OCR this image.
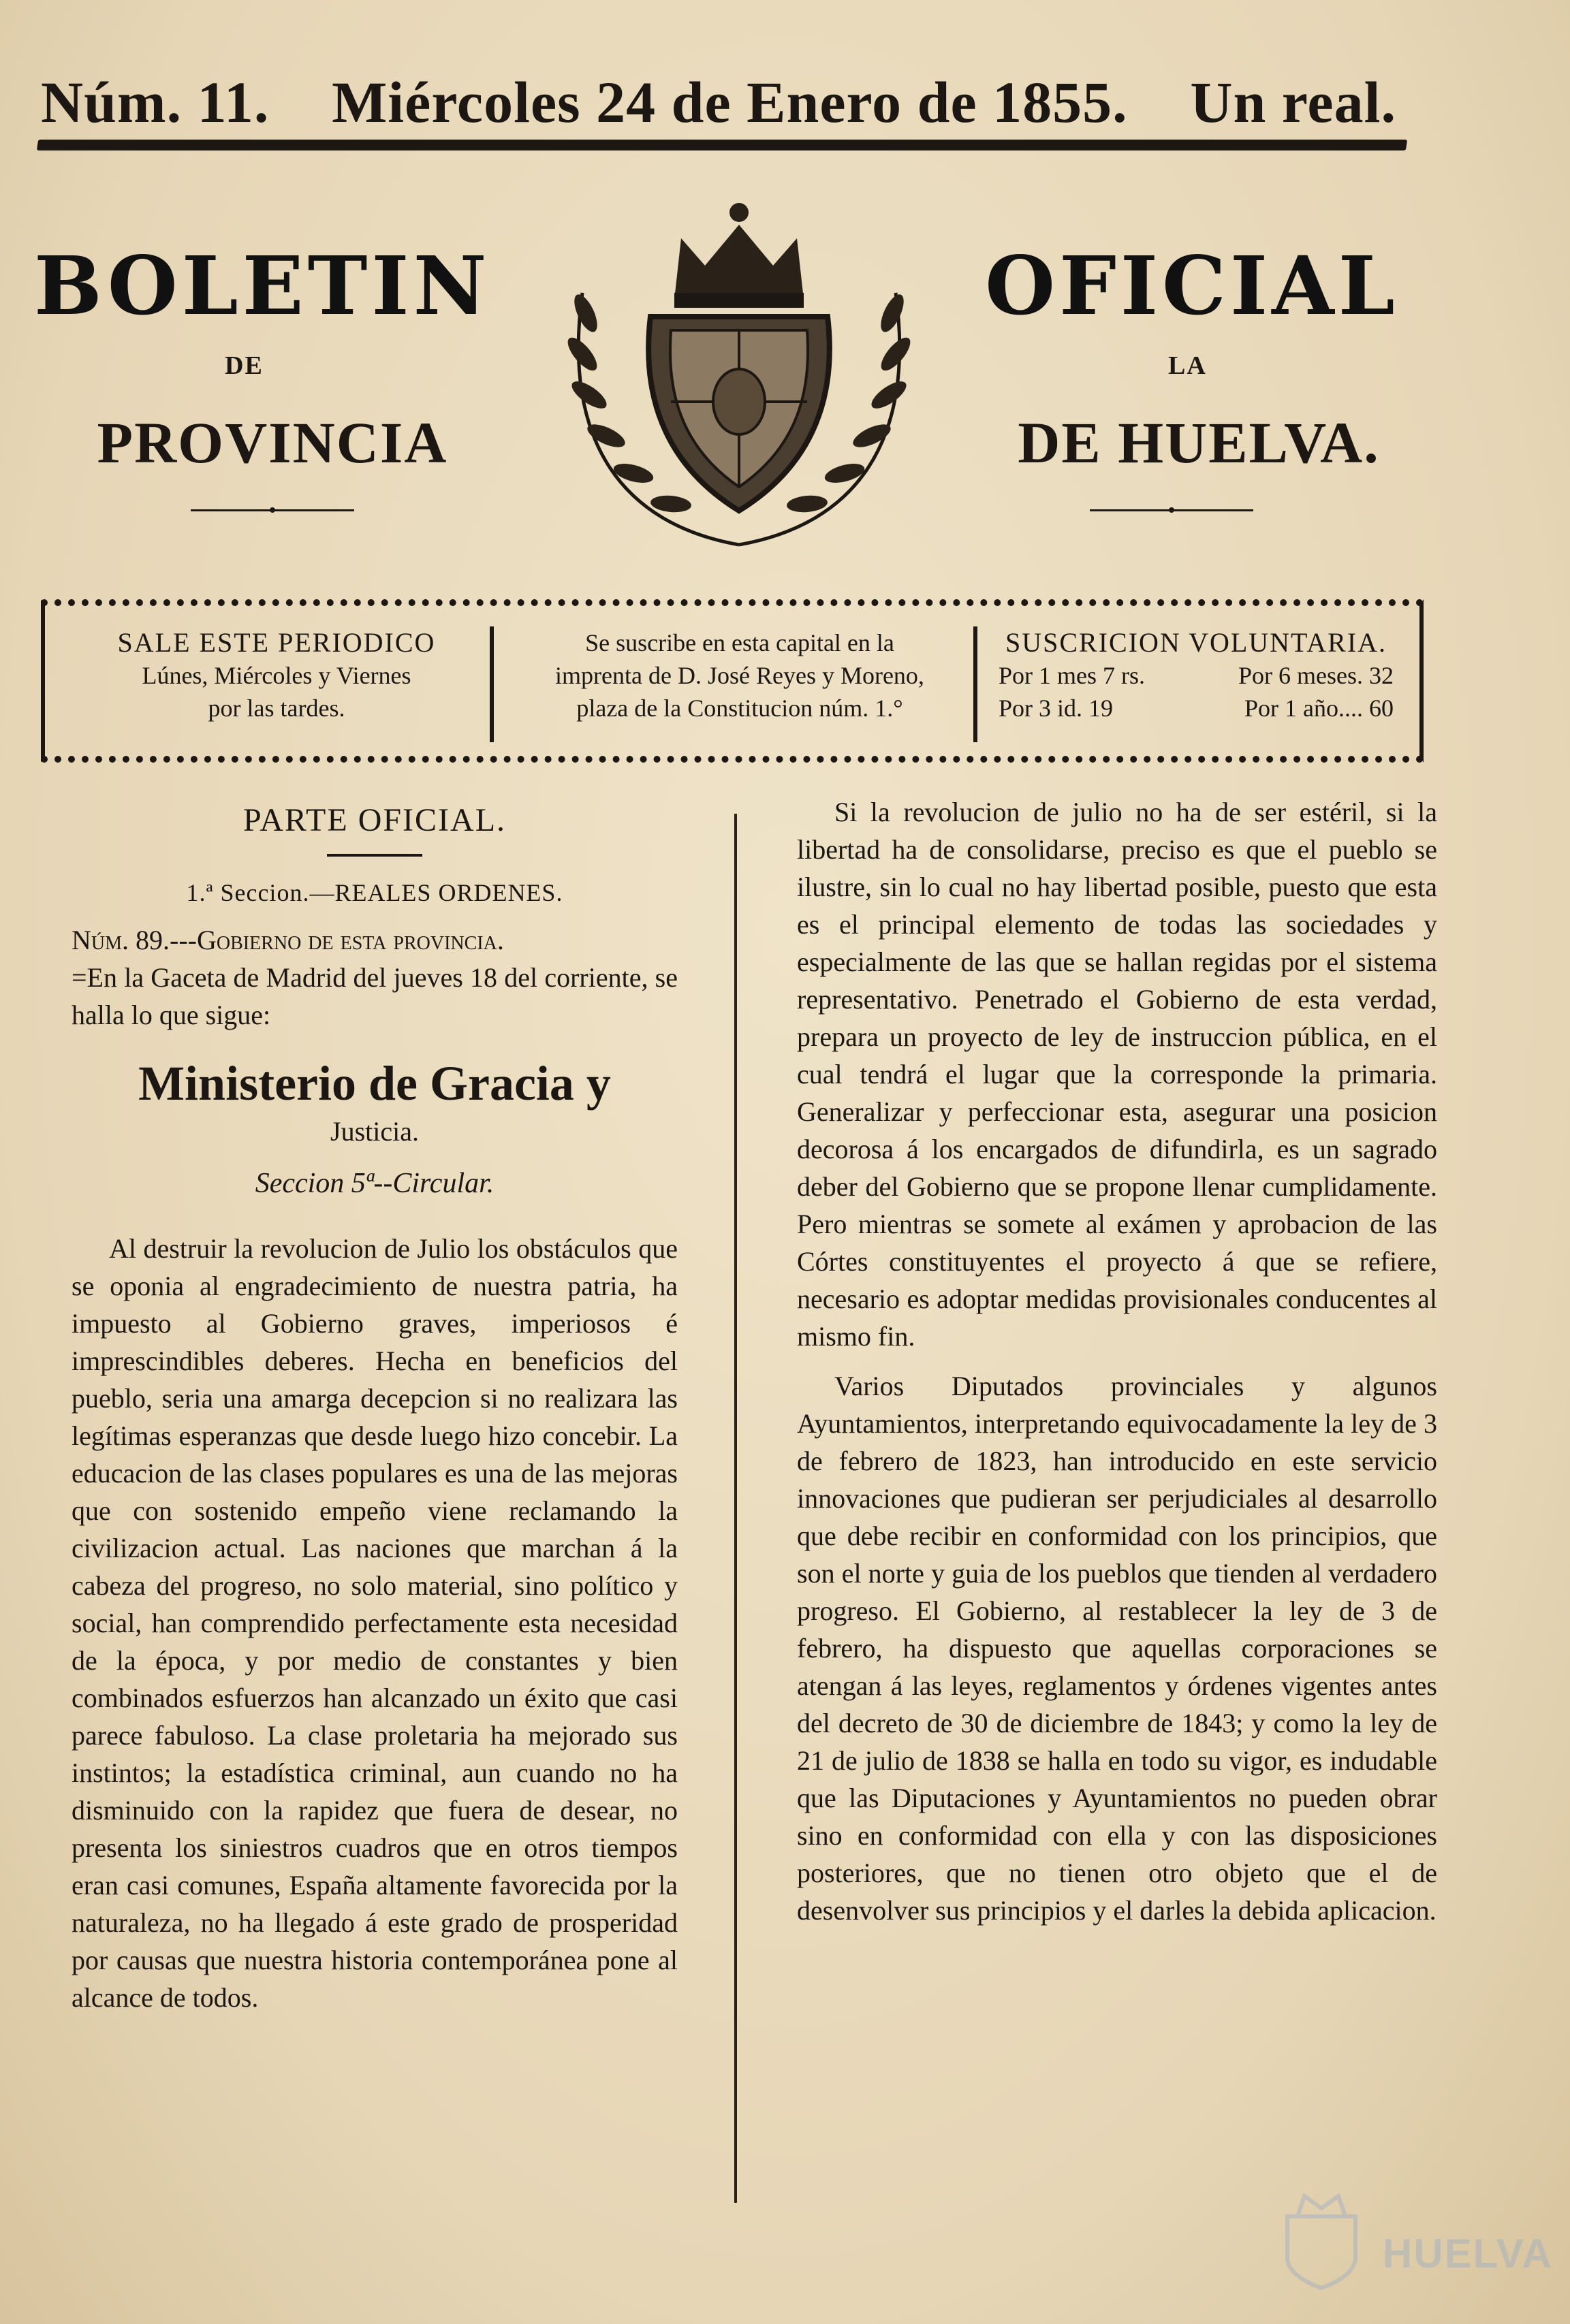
Núm. 11. Miércoles 24 de Enero de 1855. Un real.
BOLETIN	OFICIAL
DE	LA
PROVINCIA	DE HUELVA.
SALE ESTE PERIODICO
Lúnes, Miércoles y Viernes
por las tardes.
Se suscribe en esta capital en la
imprenta de D. José Reyes y Moreno,
plaza de la Constitucion núm. 1.°
SUSCRICION VOLUNTARIA.
Por 1 mes 7 rs.	Por 6 meses. 32
Por 3 id. 19	Por 1 año.... 60

PARTE OFICIAL.

1.ª Seccion.—REALES ORDENES.

Núm. 89.---Gobierno de esta provincia.

=En la Gaceta de Madrid del jueves 18 del corriente, se halla lo que sigue:

Ministerio de Gracia y

Justicia.

Seccion 5ª--Circular.

Al destruir la revolucion de Julio los obstáculos que se oponia al engradecimiento de nuestra patria, ha impuesto al Gobierno graves, imperiosos é imprescindibles deberes. Hecha en beneficios del pueblo, seria una amarga decepcion si no realizara las legítimas esperanzas que desde luego hizo concebir. La educacion de las clases populares es una de las mejoras que con sostenido empeño viene reclamando la civilizacion actual. Las naciones que marchan á la cabeza del progreso, no solo material, sino político y social, han comprendido perfectamente esta necesidad de la época, y por medio de constantes y bien combinados esfuerzos han alcanzado un éxito que casi parece fabuloso. La clase proletaria ha mejorado sus instintos; la estadística criminal, aun cuando no ha disminuido con la rapidez que fuera de desear, no presenta los siniestros cuadros que en otros tiempos eran casi comunes, España altamente favorecida por la naturaleza, no ha llegado á este grado de prosperidad por causas que nuestra historia contemporánea pone al alcance de todos.

Si la revolucion de julio no ha de ser estéril, si la libertad ha de consolidarse, preciso es que el pueblo se ilustre, sin lo cual no hay libertad posible, puesto que esta es el principal elemento de todas las sociedades y especialmente de las que se hallan regidas por el sistema representativo. Penetrado el Gobierno de esta verdad, prepara un proyecto de ley de instruccion pública, en el cual tendrá el lugar que la corresponde la primaria. Generalizar y perfeccionar esta, asegurar una posicion decorosa á los encargados de difundirla, es un sagrado deber del Gobierno que se propone llenar cumplidamente. Pero mientras se somete al exámen y aprobacion de las Córtes constituyentes el proyecto á que se refiere, necesario es adoptar medidas provisionales conducentes al mismo fin.

Varios Diputados provinciales y algunos Ayuntamientos, interpretando equivocadamente la ley de 3 de febrero de 1823, han introducido en este servicio innovaciones que pudieran ser perjudiciales al desarrollo que debe recibir en conformidad con los principios, que son el norte y guia de los pueblos que tienden al verdadero progreso. El Gobierno, al restablecer la ley de 3 de febrero, ha dispuesto que aquellas corporaciones se atengan á las leyes, reglamentos y órdenes vigentes antes del decreto de 30 de diciembre de 1843; y como la ley de 21 de julio de 1838 se halla en todo su vigor, es indudable que las Diputaciones y Ayuntamientos no pueden obrar sino en conformidad con ella y con las disposiciones posteriores, que no tienen otro objeto que el de desenvolver sus principios y el darles la debida aplicacion.

HUELVA
